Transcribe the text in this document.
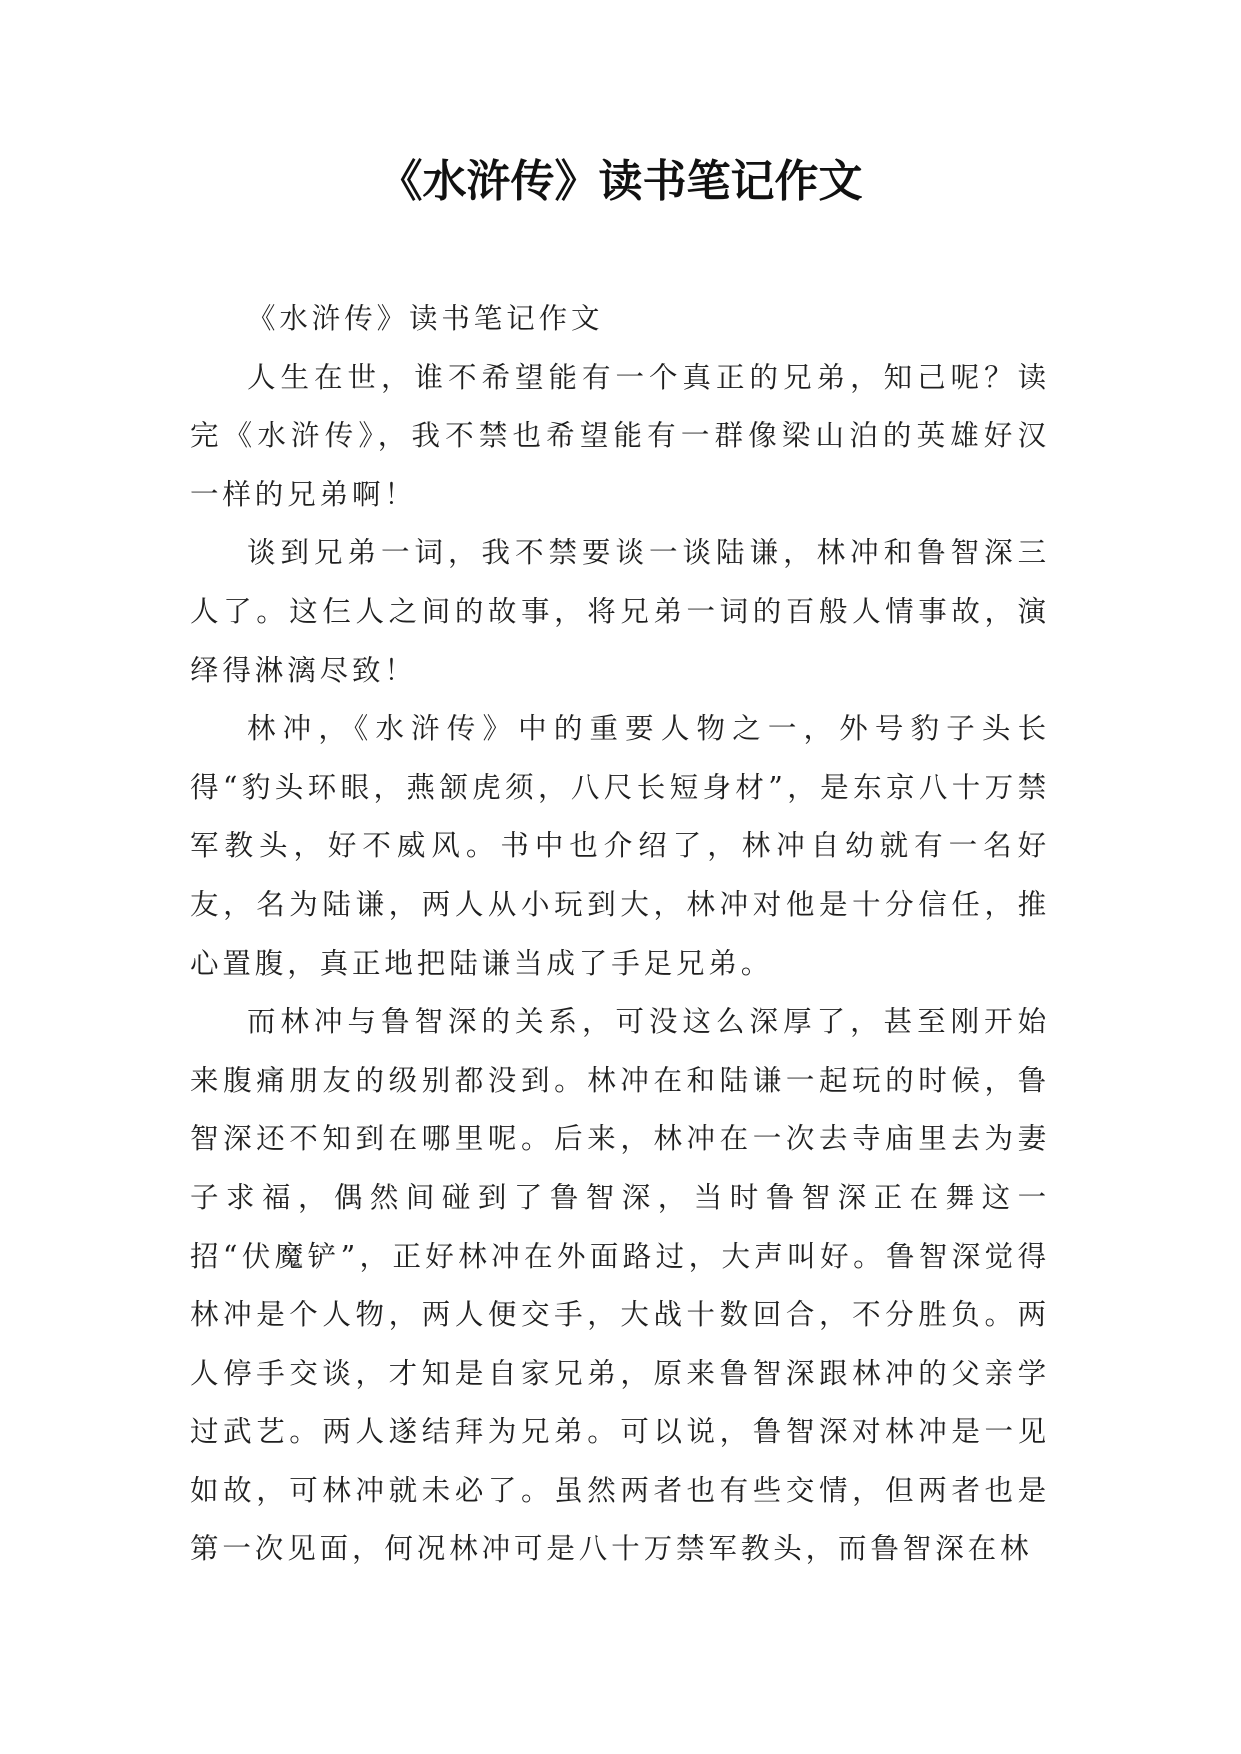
《水浒传》读书笔记作文

《水浒传》读书笔记作文

人生在世，谁不希望能有一个真正的兄弟，知己呢？读完《水浒传》，我不禁也希望能有一群像梁山泊的英雄好汉一样的兄弟啊！

谈到兄弟一词，我不禁要谈一谈陆谦，林冲和鲁智深三人了。这仨人之间的故事，将兄弟一词的百般人情事故，演绎得淋漓尽致！

林冲，《水浒传》中的重要人物之一，外号豹子头长得“豹头环眼，燕颔虎须，八尺长短身材”，是东京八十万禁军教头，好不威风。书中也介绍了，林冲自幼就有一名好友，名为陆谦，两人从小玩到大，林冲对他是十分信任，推心置腹，真正地把陆谦当成了手足兄弟。

而林冲与鲁智深的关系，可没这么深厚了，甚至刚开始来腹痛朋友的级别都没到。林冲在和陆谦一起玩的时候，鲁智深还不知到在哪里呢。后来，林冲在一次去寺庙里去为妻子求福，偶然间碰到了鲁智深，当时鲁智深正在舞这一招“伏魔铲”，正好林冲在外面路过，大声叫好。鲁智深觉得林冲是个人物，两人便交手，大战十数回合，不分胜负。两人停手交谈，才知是自家兄弟，原来鲁智深跟林冲的父亲学过武艺。两人遂结拜为兄弟。可以说，鲁智深对林冲是一见如故，可林冲就未必了。虽然两者也有些交情，但两者也是第一次见面，何况林冲可是八十万禁军教头，而鲁智深在林
